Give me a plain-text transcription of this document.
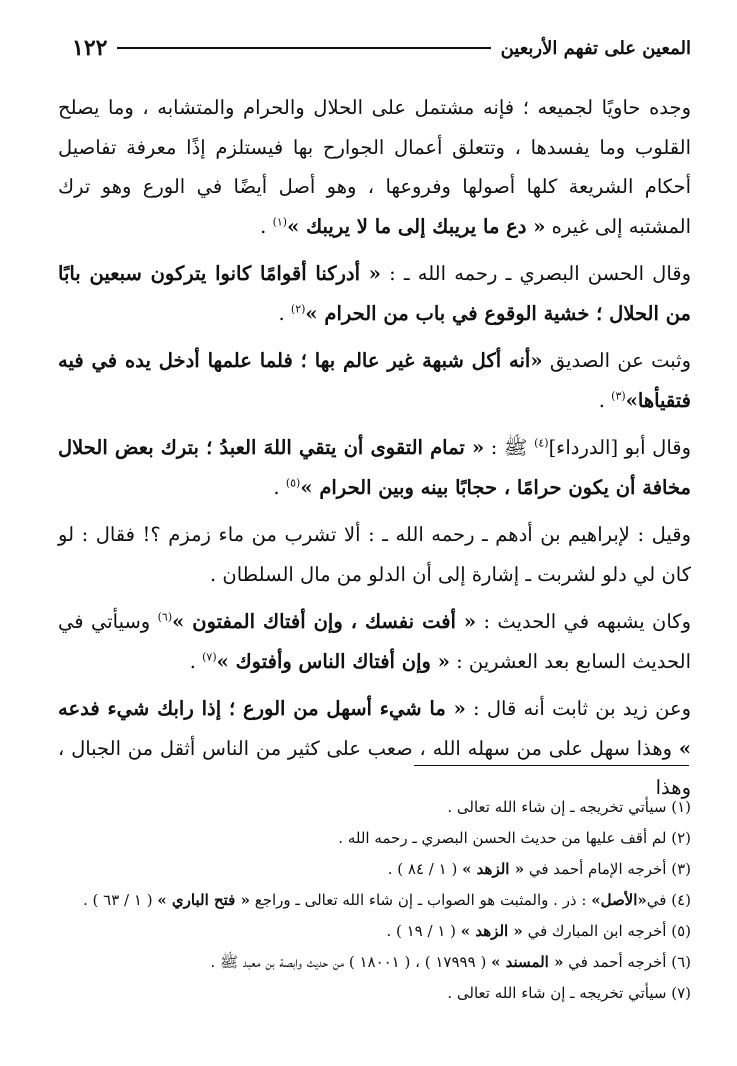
١٢٢	المعين على تفهم الأربعين

وجده حاويًا لجميعه ؛ فإنه مشتمل على الحلال والحرام والمتشابه ، وما يصلح القلوب وما يفسدها ، وتتعلق أعمال الجوارح بها فيستلزم إذًا معرفة تفاصيل أحكام الشريعة كلها أصولها وفروعها ، وهو أصل أيضًا في الورع وهو ترك المشتبه إلى غيره « دع ما يريبك إلى ما لا يريبك »$^{(١)}$ .

وقال الحسن البصري ـ رحمه الله ـ : « أدركنا أقوامًا كانوا يتركون سبعين بابًا من الحلال ؛ خشية الوقوع في باب من الحرام »$^{(٢)}$ .

وثبت عن الصديق «أنه أكل شبهة غير عالم بها ؛ فلما علمها أدخل يده في فيه فتقيأها»$^{(٣)}$ .

وقال أبو [الدرداء]$^{(٤)}$ ﷺ : « تمام التقوى أن يتقي اللهَ العبدُ ؛ بترك بعض الحلال مخافة أن يكون حرامًا ، حجابًا بينه وبين الحرام »$^{(٥)}$ .

وقيل : لإبراهيم بن أدهم ـ رحمه الله ـ : ألا تشرب من ماء زمزم ؟! فقال : لو كان لي دلو لشربت ـ إشارة إلى أن الدلو من مال السلطان .

وكان يشبهه في الحديث : « أفت نفسك ، وإن أفتاك المفتون »$^{(٦)}$ وسيأتي في الحديث السابع بعد العشرين : « وإن أفتاك الناس وأفتوك »$^{(٧)}$ .

وعن زيد بن ثابت أنه قال : « ما شيء أسهل من الورع ؛ إذا رابك شيء فدعه » وهذا سهل على من سهله الله ، صعب على كثير من الناس أثقل من الجبال ، وهذا

(١) سيأتي تخريجه ـ إن شاء الله تعالى .

(٢) لم أقف عليها من حديث الحسن البصري ـ رحمه الله .

(٣) أخرجه الإمام أحمد في « الزهد » ( ١ / ٨٤ ) .

(٤) في«الأصل» : ذر . والمثبت هو الصواب ـ إن شاء الله تعالى ـ وراجع « فتح الباري » ( ١ / ٦٣ ) .

(٥) أخرجه ابن المبارك في « الزهد » ( ١ / ١٩ ) .

(٦) أخرجه أحمد في « المسند » ( ١٧٩٩٩ ) ، ( ١٨٠٠١ ) من حديث وابصة بن معبد ﷺ .

(٧) سيأتي تخريجه ـ إن شاء الله تعالى .
